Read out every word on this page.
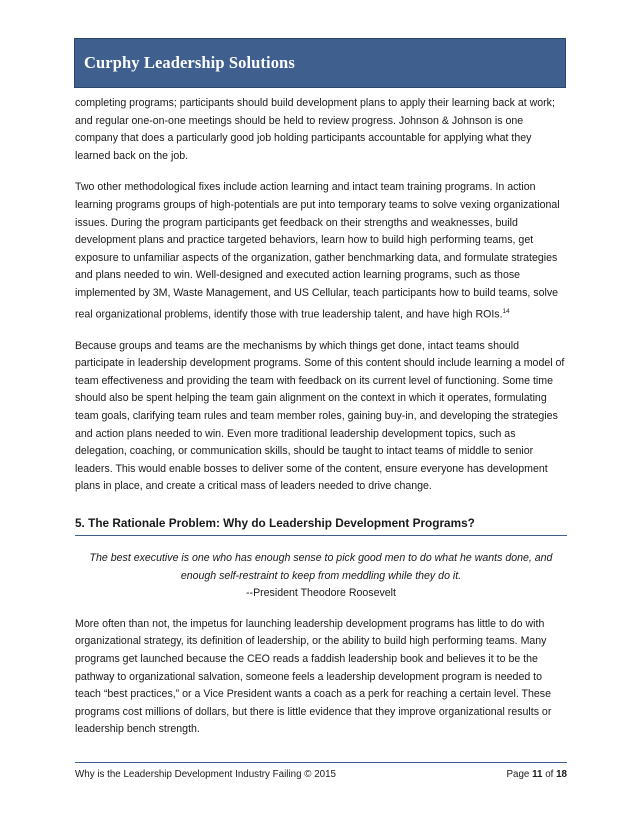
Curphy Leadership Solutions

completing programs; participants should build development plans to apply their learning back at work; and regular one-on-one meetings should be held to review progress. Johnson & Johnson is one company that does a particularly good job holding participants accountable for applying what they learned back on the job.

Two other methodological fixes include action learning and intact team training programs. In action learning programs groups of high-potentials are put into temporary teams to solve vexing organizational issues. During the program participants get feedback on their strengths and weaknesses, build development plans and practice targeted behaviors, learn how to build high performing teams, get exposure to unfamiliar aspects of the organization, gather benchmarking data, and formulate strategies and plans needed to win. Well-designed and executed action learning programs, such as those implemented by 3M, Waste Management, and US Cellular, teach participants how to build teams, solve real organizational problems, identify those with true leadership talent, and have high ROIs.$^{14}$

Because groups and teams are the mechanisms by which things get done, intact teams should participate in leadership development programs. Some of this content should include learning a model of team effectiveness and providing the team with feedback on its current level of functioning. Some time should also be spent helping the team gain alignment on the context in which it operates, formulating team goals, clarifying team rules and team member roles, gaining buy-in, and developing the strategies and action plans needed to win. Even more traditional leadership development topics, such as delegation, coaching, or communication skills, should be taught to intact teams of middle to senior leaders. This would enable bosses to deliver some of the content, ensure everyone has development plans in place, and create a critical mass of leaders needed to drive change.

5. The Rationale Problem: Why do Leadership Development Programs?
The best executive is one who has enough sense to pick good men to do what he wants done, and enough self-restraint to keep from meddling while they do it.
--President Theodore Roosevelt

More often than not, the impetus for launching leadership development programs has little to do with organizational strategy, its definition of leadership, or the ability to build high performing teams. Many programs get launched because the CEO reads a faddish leadership book and believes it to be the pathway to organizational salvation, someone feels a leadership development program is needed to teach “best practices,” or a Vice President wants a coach as a perk for reaching a certain level. These programs cost millions of dollars, but there is little evidence that they improve organizational results or leadership bench strength.

Why is the Leadership Development Industry Failing © 2015	Page 11 of 18
